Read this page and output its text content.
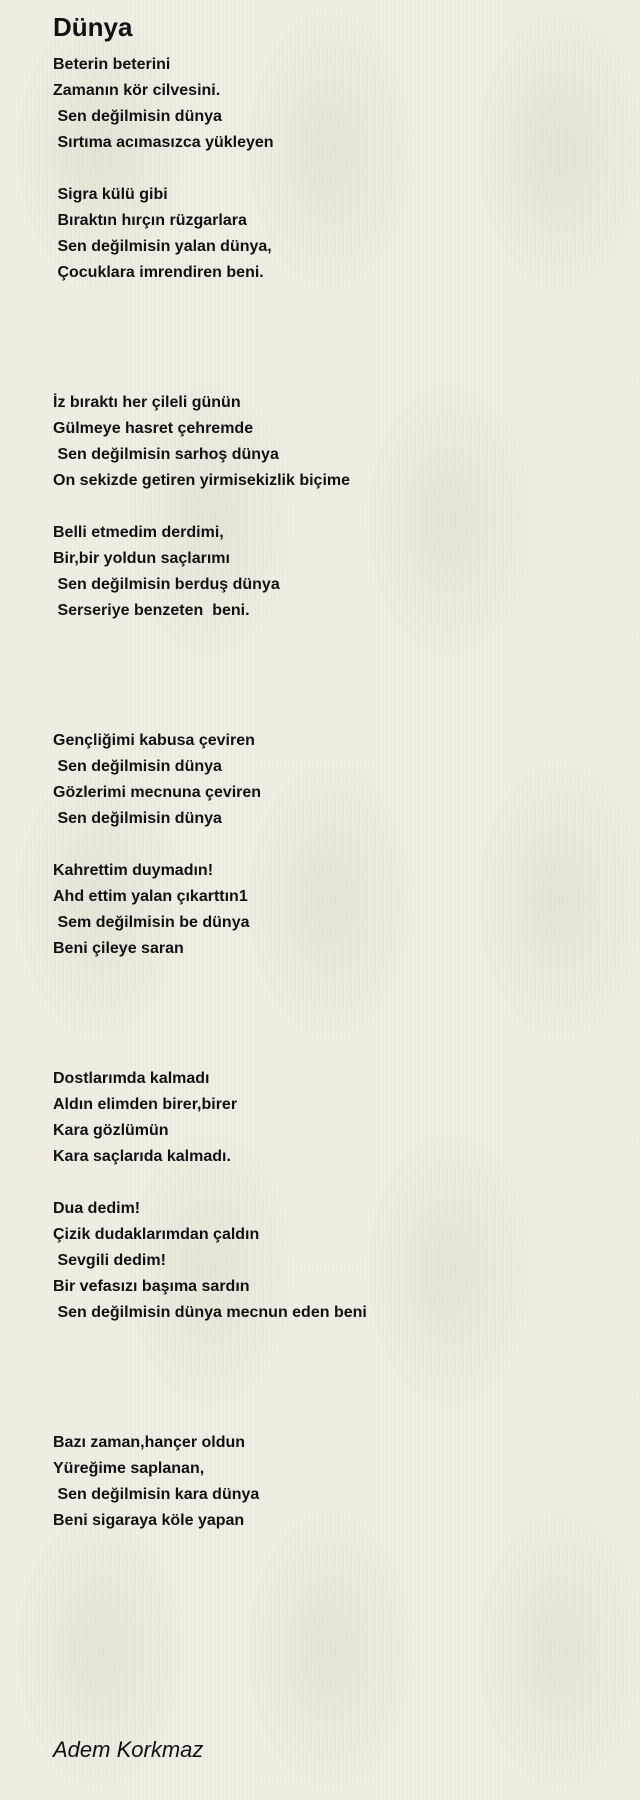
Dünya
Beterin beterini
Zamanın kör cilvesini.
Sen değilmisin dünya
Sırtıma acımasızca yükleyen
Sigra külü gibi
Bıraktın hırçın rüzgarlara
Sen değilmisin yalan dünya,
Çocuklara imrendiren beni.
İz bıraktı her çileli günün
Gülmeye hasret çehremde
Sen değilmisin sarhoş dünya
On sekizde getiren yirmisekizlik biçime
Belli etmedim derdimi,
Bir,bir yoldun saçlarımı
Sen değilmisin berduş dünya
Serseriye benzeten  beni.
Gençliğimi kabusa çeviren
Sen değilmisin dünya
Gözlerimi mecnuna çeviren
Sen değilmisin dünya
Kahrettim duymadın!
Ahd ettim yalan çıkarttın1
Sem değilmisin be dünya
Beni çileye saran
Dostlarımda kalmadı
Aldın elimden birer,birer
Kara gözlümün
Kara saçlarıda kalmadı.
Dua dedim!
Çizik dudaklarımdan çaldın
Sevgili dedim!
Bir vefasızı başıma sardın
Sen değilmisin dünya mecnun eden beni
Bazı zaman,hançer oldun
Yüreğime saplanan,
Sen değilmisin kara dünya
Beni sigaraya köle yapan
Adem Korkmaz
